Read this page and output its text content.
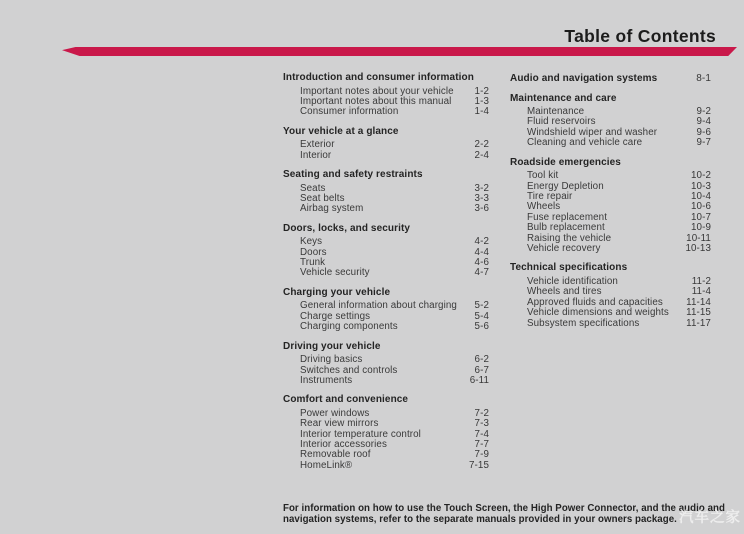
Table of Contents
Introduction and consumer information
Important notes about your vehicle 1-2
Important notes about this manual 1-3
Consumer information	1-4
Your vehicle at a glance
Exterior	2-2
Interior	2-4
Seating and safety restraints
Seats	3-2
Seat belts	3-3
Airbag system	3-6
Doors, locks, and security
Keys	4-2
Doors	4-4
Trunk	4-6
Vehicle security	4-7
Charging your vehicle
General information about charging 5-2
Charge settings	5-4
Charging components	5-6
Driving your vehicle
Driving basics	6-2
Switches and controls	6-7
Instruments	6-11
Comfort and convenience
Power windows	7-2
Rear view mirrors	7-3
Interior temperature control	7-4
Interior accessories	7-7
Removable roof	7-9
HomeLink®	7-15
Audio and navigation systems	8-1
Maintenance and care
Maintenance	9-2
Fluid reservoirs	9-4
Windshield wiper and washer	9-6
Cleaning and vehicle care	9-7
Roadside emergencies
Tool kit	10-2
Energy Depletion	10-3
Tire repair	10-4
Wheels	10-6
Fuse replacement	10-7
Bulb replacement	10-9
Raising the vehicle	10-11
Vehicle recovery	10-13
Technical specifications
Vehicle identification	11-2
Wheels and tires	11-4
Approved fluids and capacities 11-14
Vehicle dimensions and weights 11-15
Subsystem specifications	11-17
For information on how to use the Touch Screen, the High Power Connector, and the audio and
navigation systems, refer to the separate manuals provided in your owners package. 汽车之家
